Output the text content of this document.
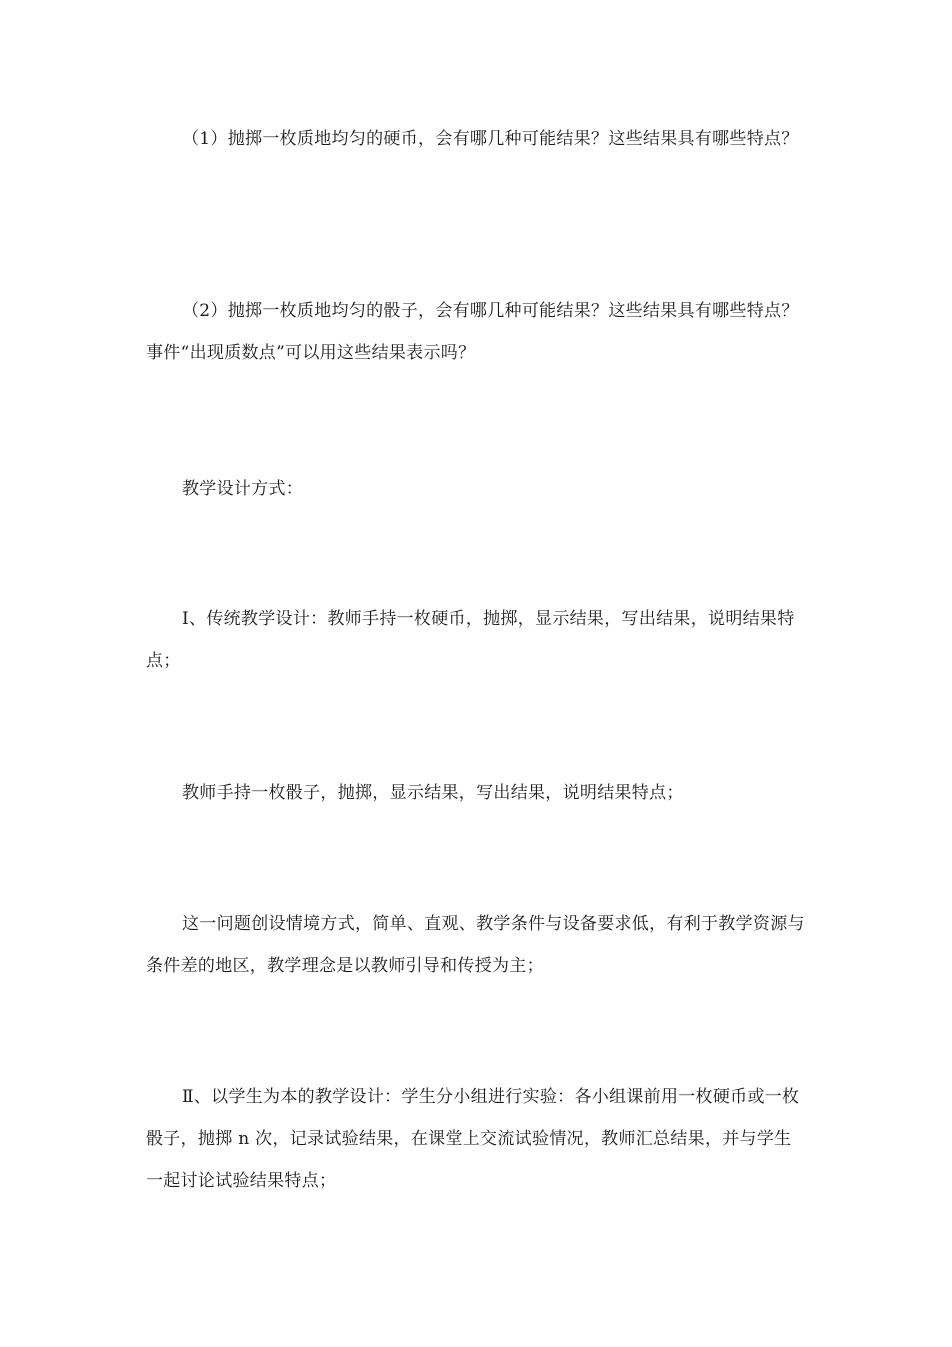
（1）抛掷一枚质地均匀的硬币，会有哪几种可能结果？这些结果具有哪些特点？

（2）抛掷一枚质地均匀的骰子，会有哪几种可能结果？这些结果具有哪些特点？事件“出现质数点”可以用这些结果表示吗？

教学设计方式：

Ⅰ、传统教学设计：教师手持一枚硬币，抛掷，显示结果，写出结果，说明结果特点；

教师手持一枚骰子，抛掷，显示结果，写出结果，说明结果特点；

这一问题创设情境方式，简单、直观、教学条件与设备要求低，有利于教学资源与条件差的地区，教学理念是以教师引导和传授为主；

Ⅱ、以学生为本的教学设计：学生分小组进行实验：各小组课前用一枚硬币或一枚骰子，抛掷 n 次，记录试验结果，在课堂上交流试验情况，教师汇总结果，并与学生一起讨论试验结果特点；
